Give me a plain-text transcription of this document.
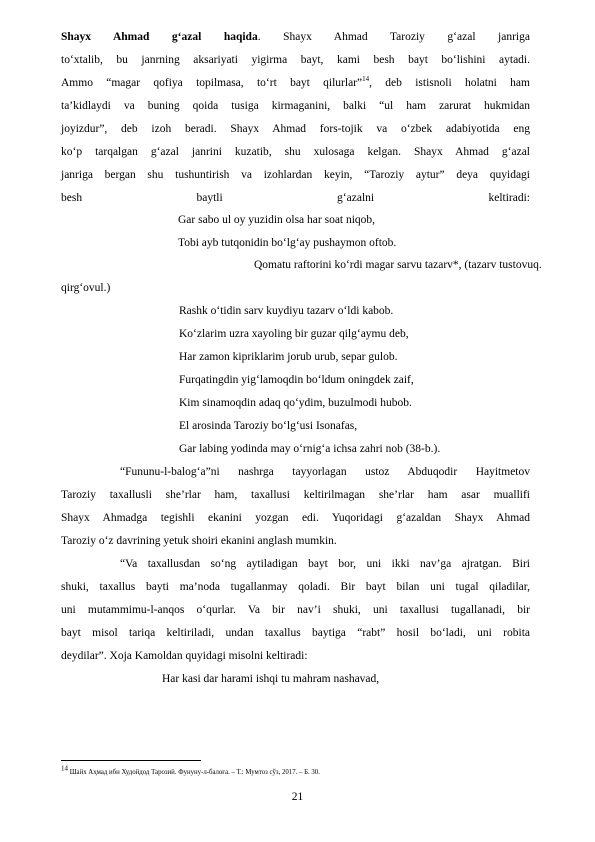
Shayx Ahmad g‘azal haqida. Shayx Ahmad Taroziy g‘azal janriga
to‘xtalib, bu janrning aksariyati yigirma bayt, kami besh bayt bo‘lishini aytadi.
Ammo “magar qofiya topilmasa, to‘rt bayt qilurlar”$^{14}$, deb istisnoli holatni ham
ta’kidlaydi va buning qoida tusiga kirmaganini, balki “ul ham zarurat hukmidan
joyizdur”, deb izoh beradi. Shayx Ahmad fors-tojik va o‘zbek adabiyotida eng
ko‘p tarqalgan g‘azal janrini kuzatib, shu xulosaga kelgan. Shayx Ahmad g‘azal
janriga bergan shu tushuntirish va izohlardan keyin, “Taroziy aytur” deya quyidagi
besh baytli g‘azalni keltiradi:
Gar sabo ul oy yuzidin olsa har soat niqob,
Tobi ayb tutqonidin bo‘lg‘ay pushaymon oftob.
Qomatu raftorini ko‘rdi magar sarvu tazarv*, (tazarv tustovuq.
qirg‘ovul.)
Rashk o‘tidin sarv kuydiyu tazarv o‘ldi kabob.
Ko‘zlarim uzra xayoling bir guzar qilg‘aymu deb,
Har zamon kipriklarim jorub urub, separ gulob.
Furqatingdin yig‘lamoqdin bo‘ldum oningdek zaif,
Kim sinamoqdin adaq qo‘ydim, buzulmodi hubob.
El arosinda Taroziy bo‘lg‘usi Isonafas,
Gar labing yodinda may o‘rnig‘a ichsa zahri nob (38-b.).
“Fununu-l-balog‘a”ni nashrga tayyorlagan ustoz Abduqodir Hayitmetov
Taroziy taxallusli she’rlar ham, taxallusi keltirilmagan she’rlar ham asar muallifi
Shayx Ahmadga tegishli ekanini yozgan edi. Yuqoridagi g‘azaldan Shayx Ahmad
Taroziy o‘z davrining yetuk shoiri ekanini anglash mumkin.
“Va taxallusdan so‘ng aytiladigan bayt bor, uni ikki nav’ga ajratgan. Biri
shuki, taxallus bayti ma’noda tugallanmay qoladi. Bir bayt bilan uni tugal qiladilar,
uni mutammimu-l-anqos o‘qurlar. Va bir nav’i shuki, uni taxallusi tugallanadi, bir
bayt misol tariqa keltiriladi, undan taxallus baytiga “rabt” hosil bo‘ladi, uni robita
deydilar”. Xoja Kamoldan quyidagi misolni keltiradi:
Har kasi dar harami ishqi tu mahram nashavad,
$^{14}$ Шайх Аҳмад ибн Худойдод Тарозий. Фунуну-л-балоға. – Т.: Мумтоз сўз, 2017. – Б. 30.
21
